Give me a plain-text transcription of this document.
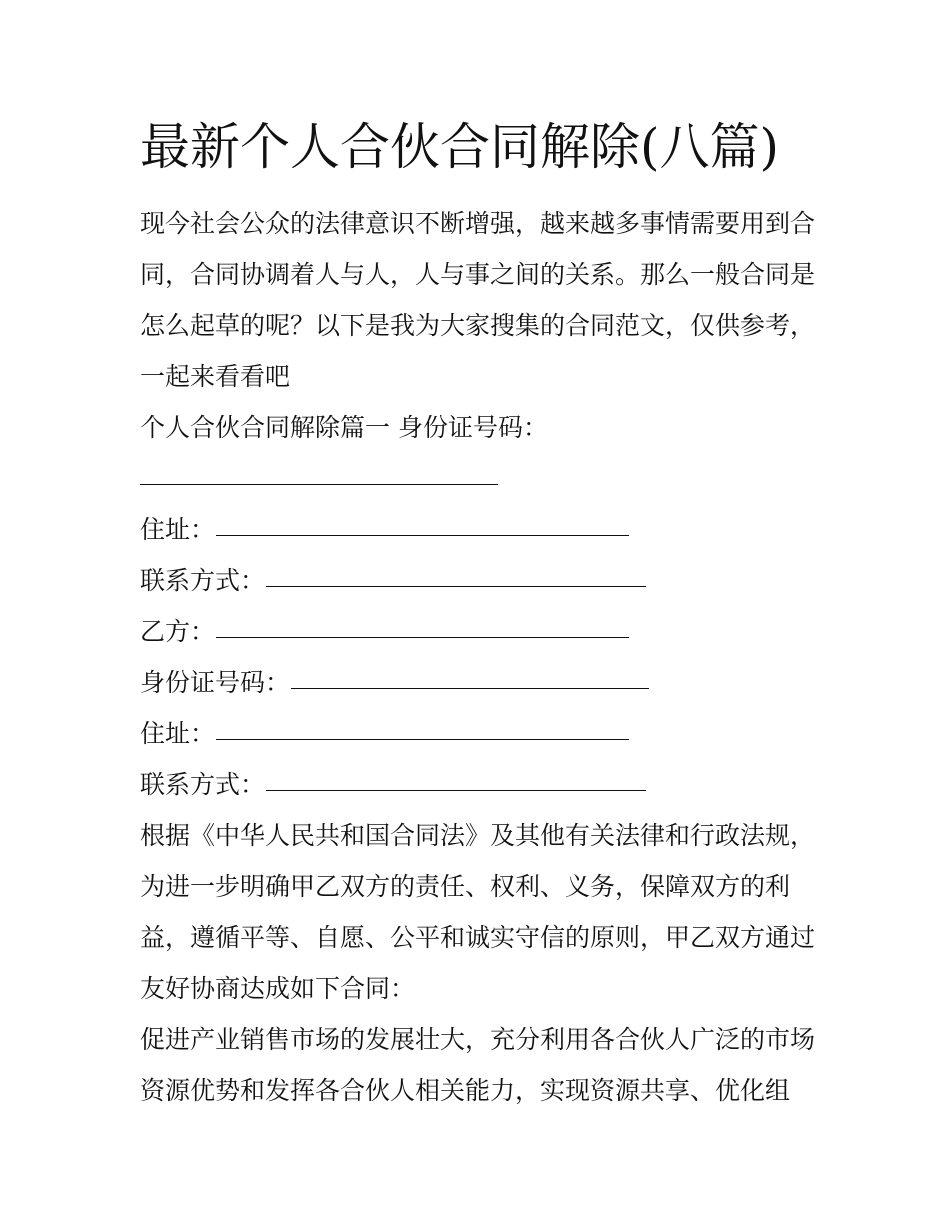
最新个人合伙合同解除(八篇)

现今社会公众的法律意识不断增强，越来越多事情需要用到合

同，合同协调着人与人，人与事之间的关系。那么一般合同是

怎么起草的呢？以下是我为大家搜集的合同范文，仅供参考，

一起来看看吧

个人合伙合同解除篇一 身份证号码：

住址：

联系方式：

乙方：

身份证号码：

住址：

联系方式：

根据《中华人民共和国合同法》及其他有关法律和行政法规，

为进一步明确甲乙双方的责任、权利、义务，保障双方的利

益，遵循平等、自愿、公平和诚实守信的原则，甲乙双方通过

友好协商达成如下合同：

促进产业销售市场的发展壮大，充分利用各合伙人广泛的市场

资源优势和发挥各合伙人相关能力，实现资源共享、优化组
